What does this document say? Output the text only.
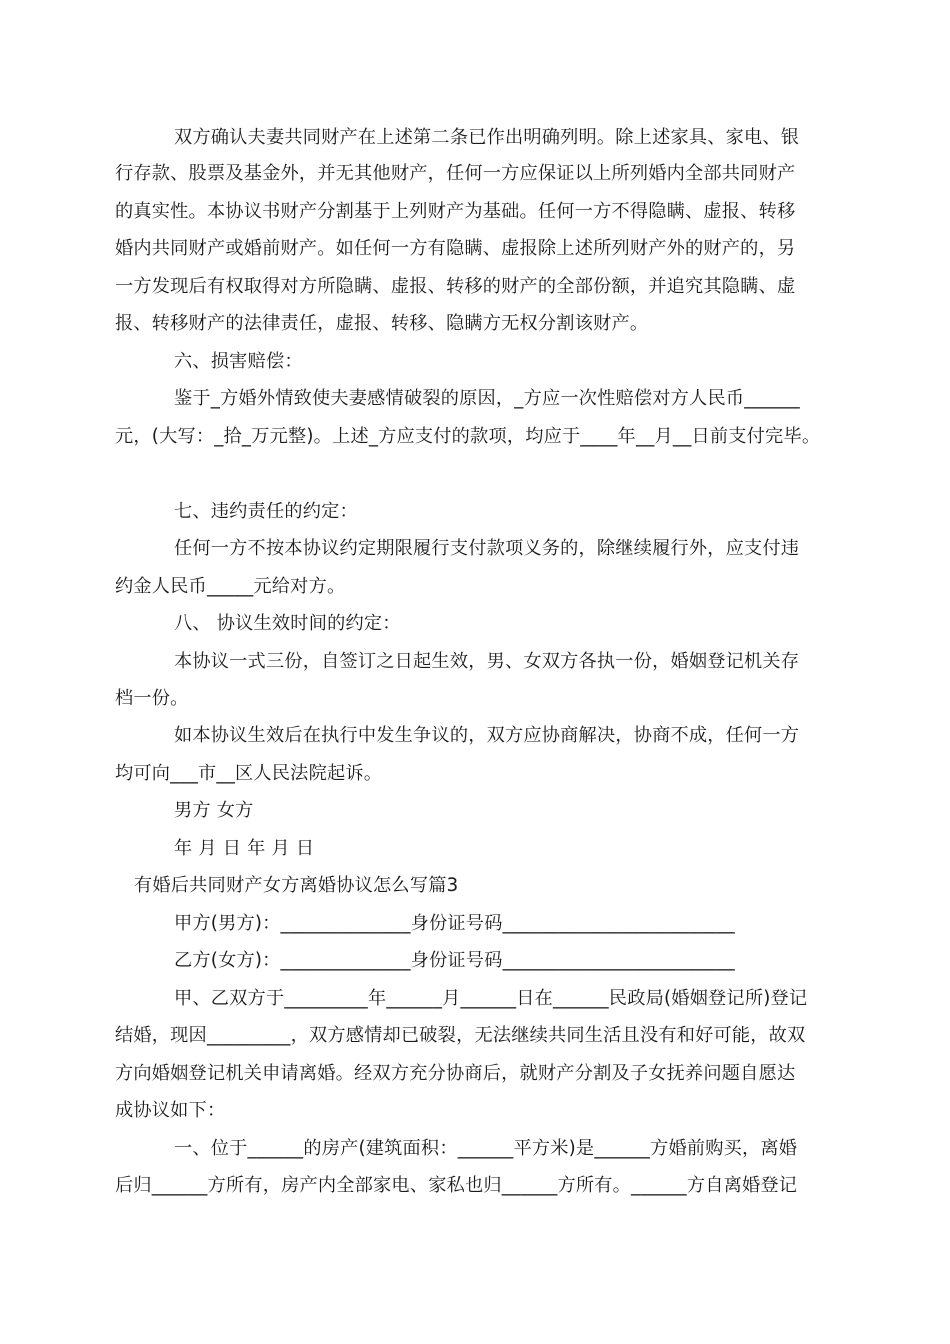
双方确认夫妻共同财产在上述第二条已作出明确列明。除上述家具、家电、银
行存款、股票及基金外，并无其他财产，任何一方应保证以上所列婚内全部共同财产
的真实性。本协议书财产分割基于上列财产为基础。任何一方不得隐瞒、虚报、转移
婚内共同财产或婚前财产。如任何一方有隐瞒、虚报除上述所列财产外的财产的，另
一方发现后有权取得对方所隐瞒、虚报、转移的财产的全部份额，并追究其隐瞒、虚
报、转移财产的法律责任，虚报、转移、隐瞒方无权分割该财产。
六、损害赔偿：
鉴于_方婚外情致使夫妻感情破裂的原因，_方应一次性赔偿对方人民币______
元，(大写：_拾_万元整)。上述_方应支付的款项，均应于____年__月__日前支付完毕。
七、违约责任的约定：
任何一方不按本协议约定期限履行支付款项义务的，除继续履行外，应支付违
约金人民币_____元给对方。
八、 协议生效时间的约定：
本协议一式三份，自签订之日起生效，男、女双方各执一份，婚姻登记机关存
档一份。
如本协议生效后在执行中发生争议的，双方应协商解决，协商不成，任何一方
均可向___市__区人民法院起诉。
男方 女方
年 月 日 年 月 日
有婚后共同财产女方离婚协议怎么写篇3
甲方(男方)：______________身份证号码_________________________
乙方(女方)：______________身份证号码_________________________
甲、乙双方于_________年______月______日在______民政局(婚姻登记所)登记
结婚，现因_________，双方感情却已破裂，无法继续共同生活且没有和好可能，故双
方向婚姻登记机关申请离婚。经双方充分协商后，就财产分割及子女抚养问题自愿达
成协议如下：
一、位于______的房产(建筑面积：______平方米)是______方婚前购买，离婚
后归______方所有，房产内全部家电、家私也归______方所有。______方自离婚登记
